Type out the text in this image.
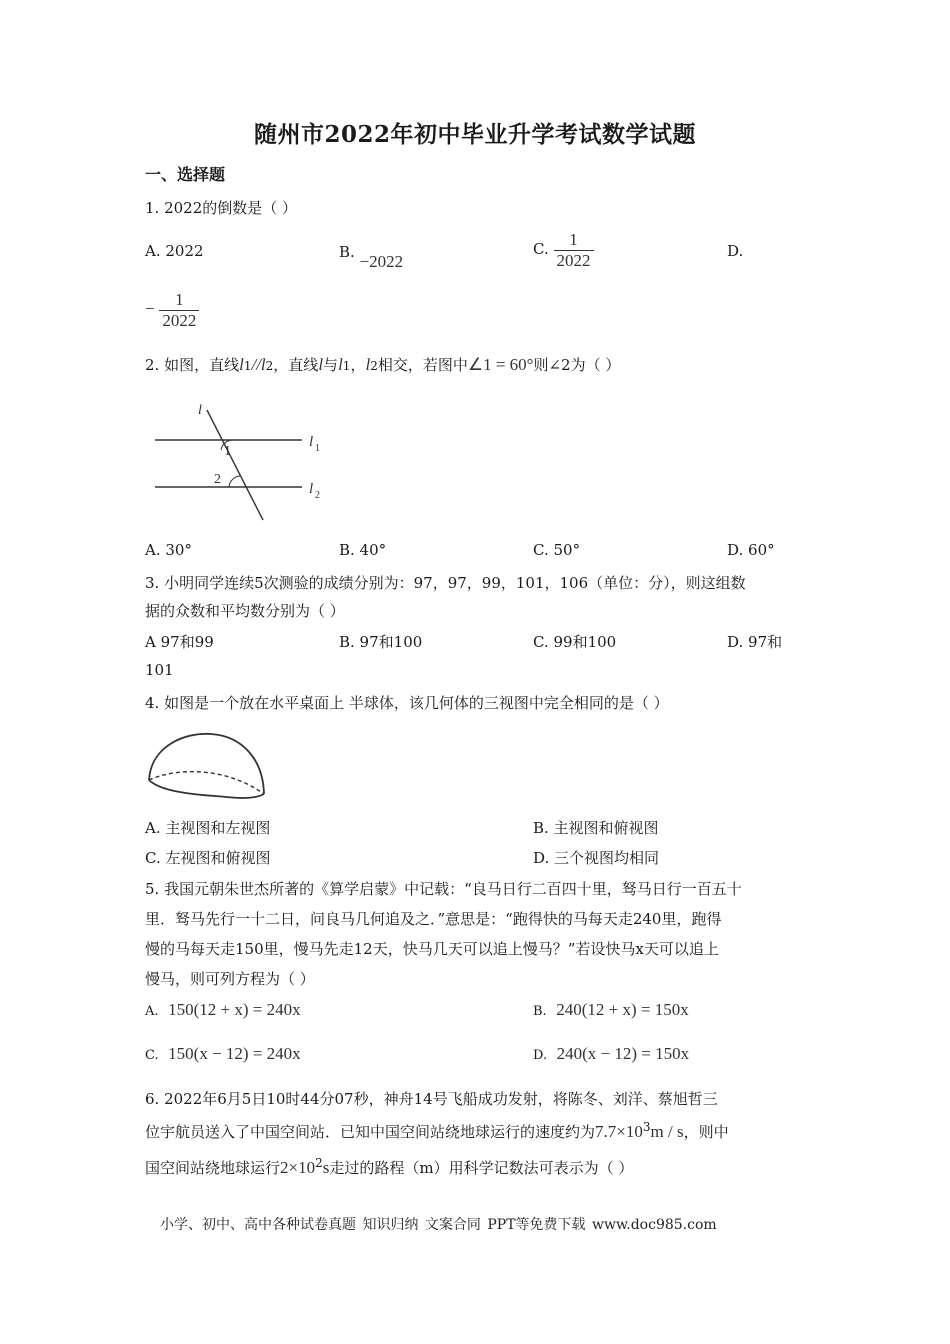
随州市2022年初中毕业升学考试数学试题
一、选择题
1. 2022的倒数是（ ）
A. 2022	B. −2022
C. $\frac{1}{2022}$	D.
− $\frac{1}{2022}$
2. 如图，直线l1//l2，直线l与l1，l2相交，若图中∠1 = 60°则∠2为（ ）
l
1
2
l 1
l 2
A. 30°	B. 40°	C. 50°	D. 60°
3. 小明同学连续5次测验的成绩分别为：97，97，99，101，106（单位：分），则这组数
据的众数和平均数分别为（ ）
A 97和99	B. 97和100	C. 99和100	D. 97和
101
4. 如图是一个放在水平桌面上 半球体，该几何体的三视图中完全相同的是（ ）
A. 主视图和左视图	B. 主视图和俯视图
C. 左视图和俯视图	D. 三个视图均相同
5. 我国元朝朱世杰所著的《算学启蒙》中记载：“良马日行二百四十里，驽马日行一百五十
里．驽马先行一十二日，问良马几何追及之．”意思是：“跑得快的马每天走240里，跑得
慢的马每天走150里，慢马先走12天，快马几天可以追上慢马？”若设快马x天可以追上
慢马，则可列方程为（ ）
A. 150(12 + x) = 240x	B. 240(12 + x) = 150x
C. 150(x − 12) = 240x	D. 240(x − 12) = 150x
6. 2022年6月5日10时44分07秒，神舟14号飞船成功发射，将陈冬、刘洋、蔡旭哲三
位宇航员送入了中国空间站．已知中国空间站绕地球运行的速度约为$7.7\times 10^3m / s$，则中
国空间站绕地球运行$2\times 10^2s$走过的路程（m）用科学记数法可表示为（ ）
小学、初中、高中各种试卷真题 知识归纳 文案合同 PPT等免费下载 www.doc985.com
